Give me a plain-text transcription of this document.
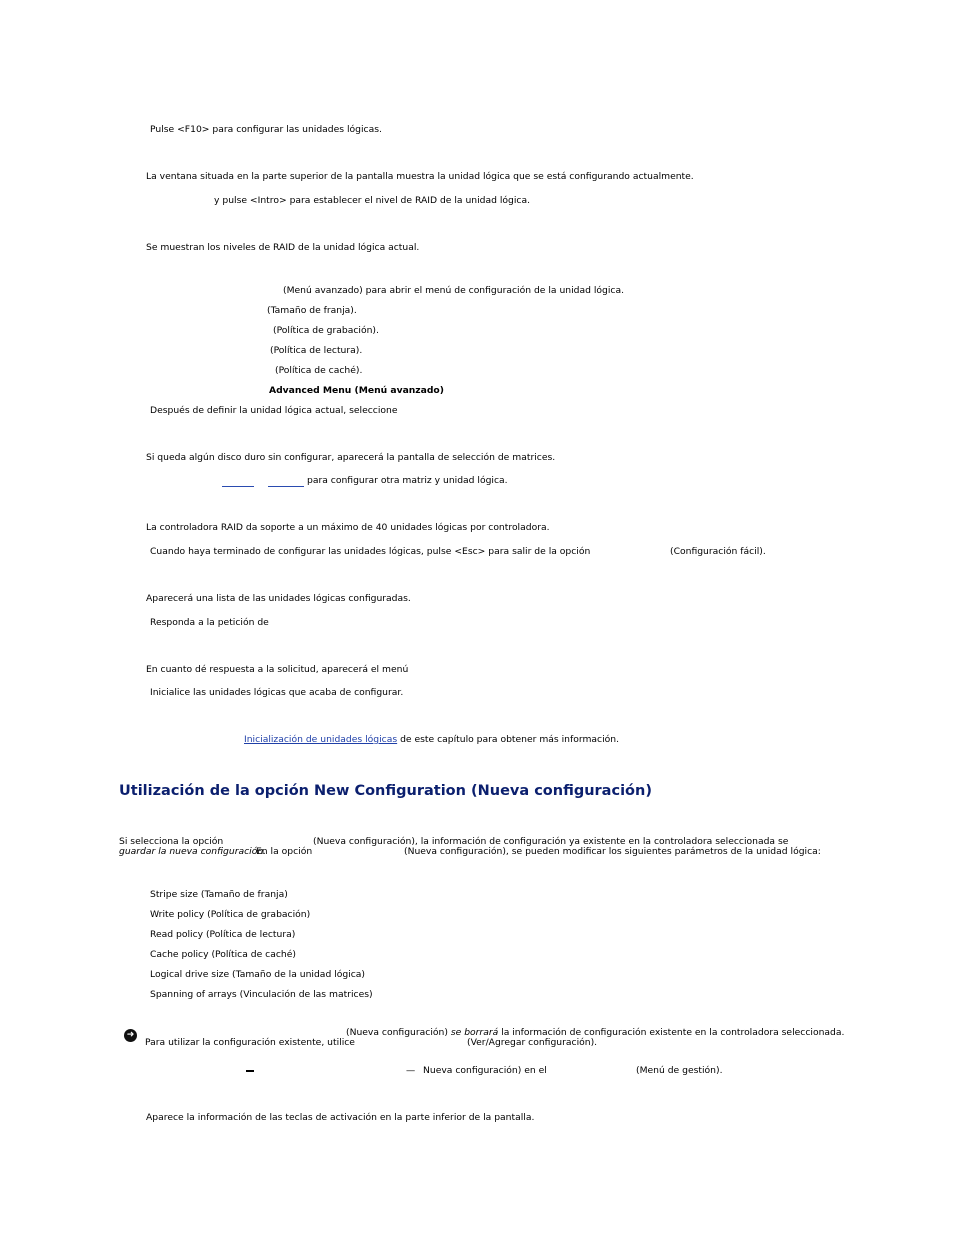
Pulse <F10> para configurar las unidades lógicas.
La ventana situada en la parte superior de la pantalla muestra la unidad lógica que se está configurando actualmente.
y pulse <Intro> para establecer el nivel de RAID de la unidad lógica.
Se muestran los niveles de RAID de la unidad lógica actual.
(Menú avanzado) para abrir el menú de configuración de la unidad lógica.
(Tamaño de franja).
(Política de grabación).
(Política de lectura).
(Política de caché).
Advanced Menu (Menú avanzado)
Después de definir la unidad lógica actual, seleccione
Si queda algún disco duro sin configurar, aparecerá la pantalla de selección de matrices.
para configurar otra matriz y unidad lógica.
La controladora RAID da soporte a un máximo de 40 unidades lógicas por controladora.
Cuando haya terminado de configurar las unidades lógicas, pulse <Esc> para salir de la opción	(Configuración fácil).
Aparecerá una lista de las unidades lógicas configuradas.
Responda a la petición de
En cuanto dé respuesta a la solicitud, aparecerá el menú
Inicialice las unidades lógicas que acaba de configurar.
Inicialización de unidades lógicas de este capítulo para obtener más información.
Utilización de la opción New Configuration (Nueva configuración)
Si selecciona la opción	(Nueva configuración), la información de configuración ya existente en la controladora seleccionada se
guardar la nueva configuración.
En la opción	(Nueva configuración), se pueden modificar los siguientes parámetros de la unidad lógica:
Stripe size (Tamaño de franja)
Write policy (Política de grabación)
Read policy (Política de lectura)
Cache policy (Política de caché)
Logical drive size (Tamaño de la unidad lógica)
Spanning of arrays (Vinculación de las matrices)
➜	(Nueva configuración) se borrará la información de configuración existente en la controladora seleccionada.
Para utilizar la configuración existente, utilice	(Ver/Agregar configuración).
— Nueva configuración) en el	(Menú de gestión).
Aparece la información de las teclas de activación en la parte inferior de la pantalla.
